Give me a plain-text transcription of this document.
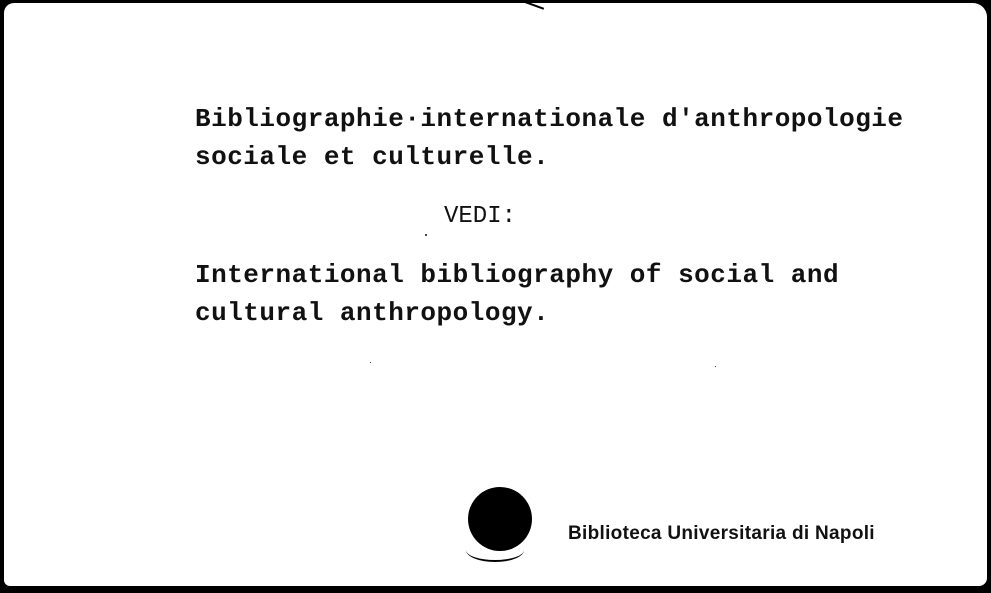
Bibliographie·internationale d'anthropologie
sociale et culturelle.
VEDI:
International bibliography of social and
cultural anthropology.
Biblioteca Universitaria di Napoli
